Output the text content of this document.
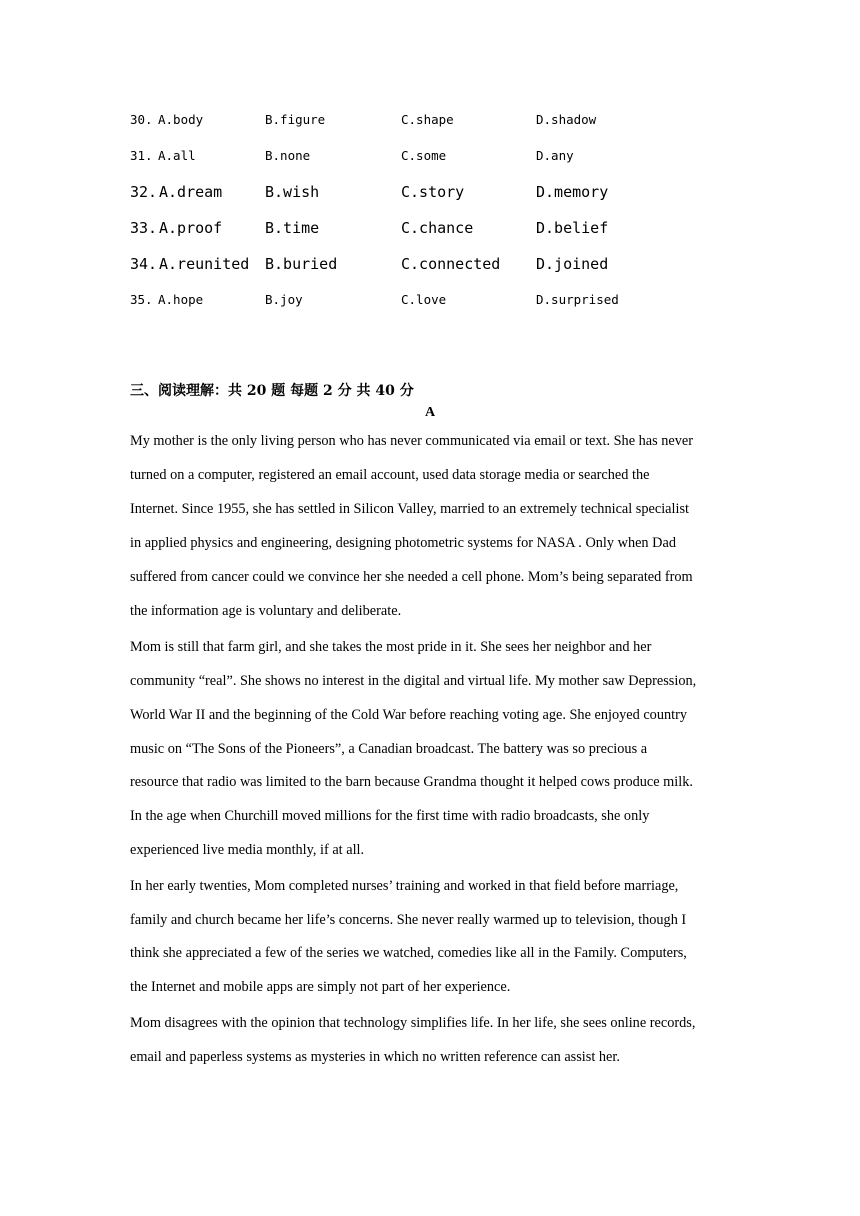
30. A.body	B.figure	C.shape	D.shadow
31. A.all	B.none	C.some	D.any
32. A.dream	B.wish	C.story	D.memory
33. A.proof	B.time	C.chance	D.belief
34. A.reunited B.buried	C.connected D.joined
35. A.hope	B.joy	C.love	D.surprised
三、阅读理解：共 20 题 每题 2 分 共 40 分
A
My mother is the only living person who has never communicated via email or text. She has never
turned on a computer, registered an email account, used data storage media or searched the
Internet. Since 1955, she has settled in Silicon Valley, married to an extremely technical specialist
in applied physics and engineering, designing photometric systems for NASA . Only when Dad
suffered from cancer could we convince her she needed a cell phone. Mom’s being separated from
the information age is voluntary and deliberate.
Mom is still that farm girl, and she takes the most pride in it. She sees her neighbor and her
community “real”. She shows no interest in the digital and virtual life. My mother saw Depression,
World War II and the beginning of the Cold War before reaching voting age. She enjoyed country
music on “The Sons of the Pioneers”, a Canadian broadcast. The battery was so precious a
resource that radio was limited to the barn because Grandma thought it helped cows produce milk.
In the age when Churchill moved millions for the first time with radio broadcasts, she only
experienced live media monthly, if at all.
In her early twenties, Mom completed nurses’ training and worked in that field before marriage,
family and church became her life’s concerns. She never really warmed up to television, though I
think she appreciated a few of the series we watched, comedies like all in the Family. Computers,
the Internet and mobile apps are simply not part of her experience.
Mom disagrees with the opinion that technology simplifies life. In her life, she sees online records,
email and paperless systems as mysteries in which no written reference can assist her.
